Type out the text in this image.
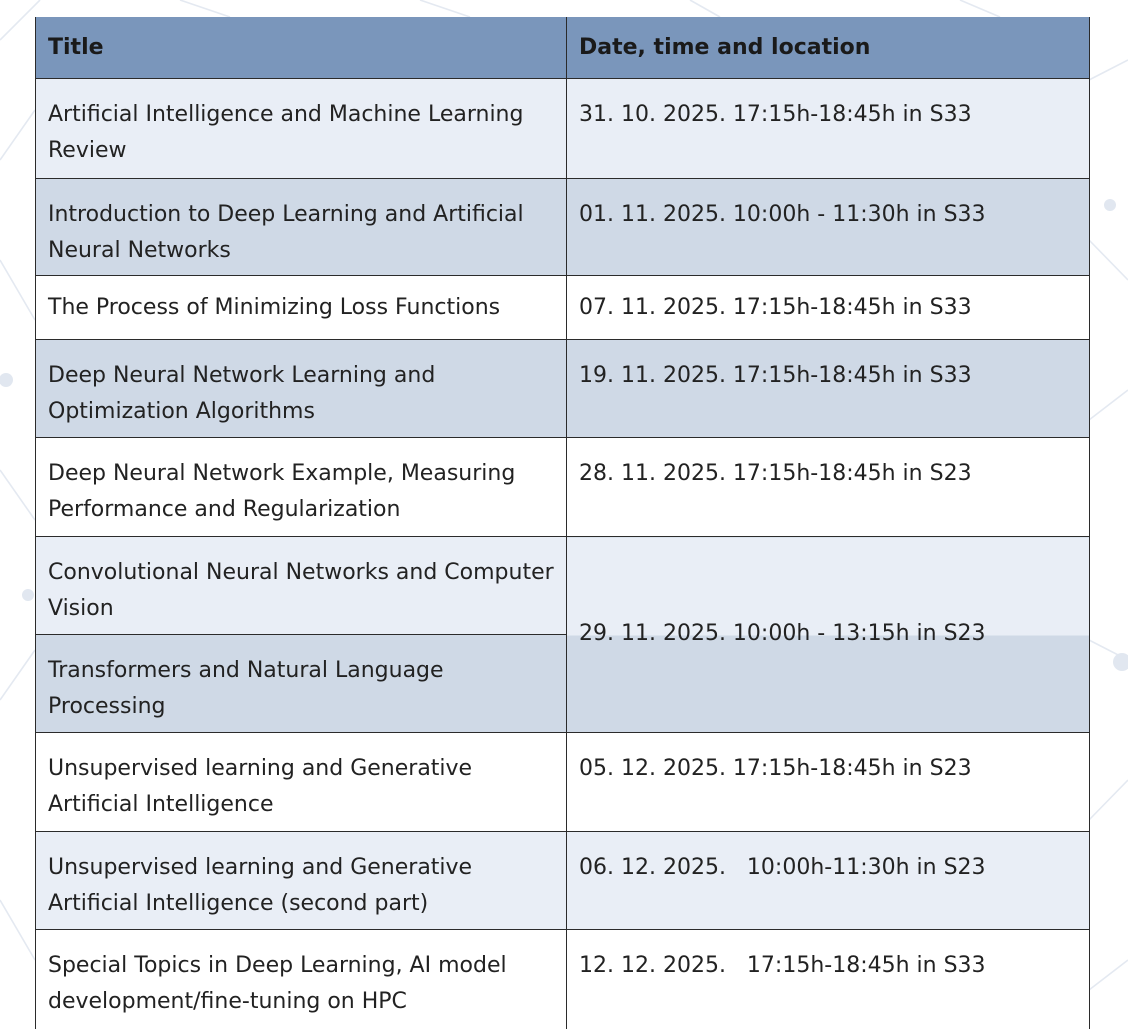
Title	Date, time and location

Artificial Intelligence and Machine Learning Review	31. 10. 2025. 17:15h-18:45h in S33

Introduction to Deep Learning and Artificial Neural Networks	01. 11. 2025. 10:00h - 11:30h in S33

The Process of Minimizing Loss Functions	07. 11. 2025. 17:15h-18:45h in S33

Deep Neural Network Learning and Optimization Algorithms	19. 11. 2025. 17:15h-18:45h in S33

Deep Neural Network Example, Measuring Performance and Regularization	28. 11. 2025. 17:15h-18:45h in S23

Convolutional Neural Networks and Computer Vision	29. 11. 2025. 10:00h - 13:15h in S23

Transformers and Natural Language Processing	

Unsupervised learning and Generative Artificial Intelligence	05. 12. 2025. 17:15h-18:45h in S23

Unsupervised learning and Generative Artificial Intelligence (second part)	06. 12. 2025.   10:00h-11:30h in S23

Special Topics in Deep Learning, AI model development/fine-tuning on HPC	12. 12. 2025.   17:15h-18:45h in S33
